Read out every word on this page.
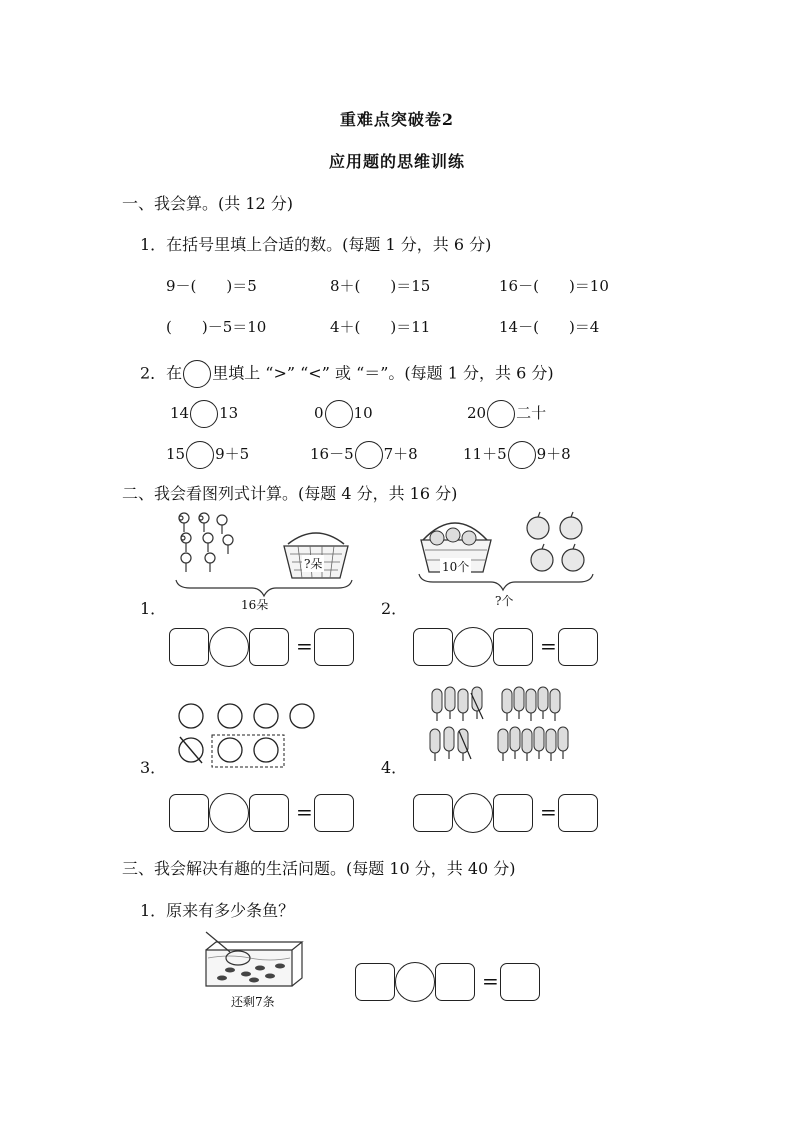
重难点突破卷2
应用题的思维训练
一、我会算。(共 12 分)
1．在括号里填上合适的数。(每题 1 分，共 6 分)
9－(　　)＝5	8＋(　　)＝15	16－(　　)＝10
(　　)－5＝10	4＋(　　)＝11	14－(　　)＝4
2．在 里填上 “>” “<” 或 “＝”。(每题 1 分，共 6 分)
14 13	0 10	20 二十
15 9＋5	16－5 7＋8	11＋5 9＋8
二、我会看图列式计算。(每题 4 分，共 16 分)
?朵
16朵
1．
=
10个
?个
2．
=
3．
=
4．
=
三、我会解决有趣的生活问题。(每题 10 分，共 40 分)
1．原来有多少条鱼？
还剩7条
=
